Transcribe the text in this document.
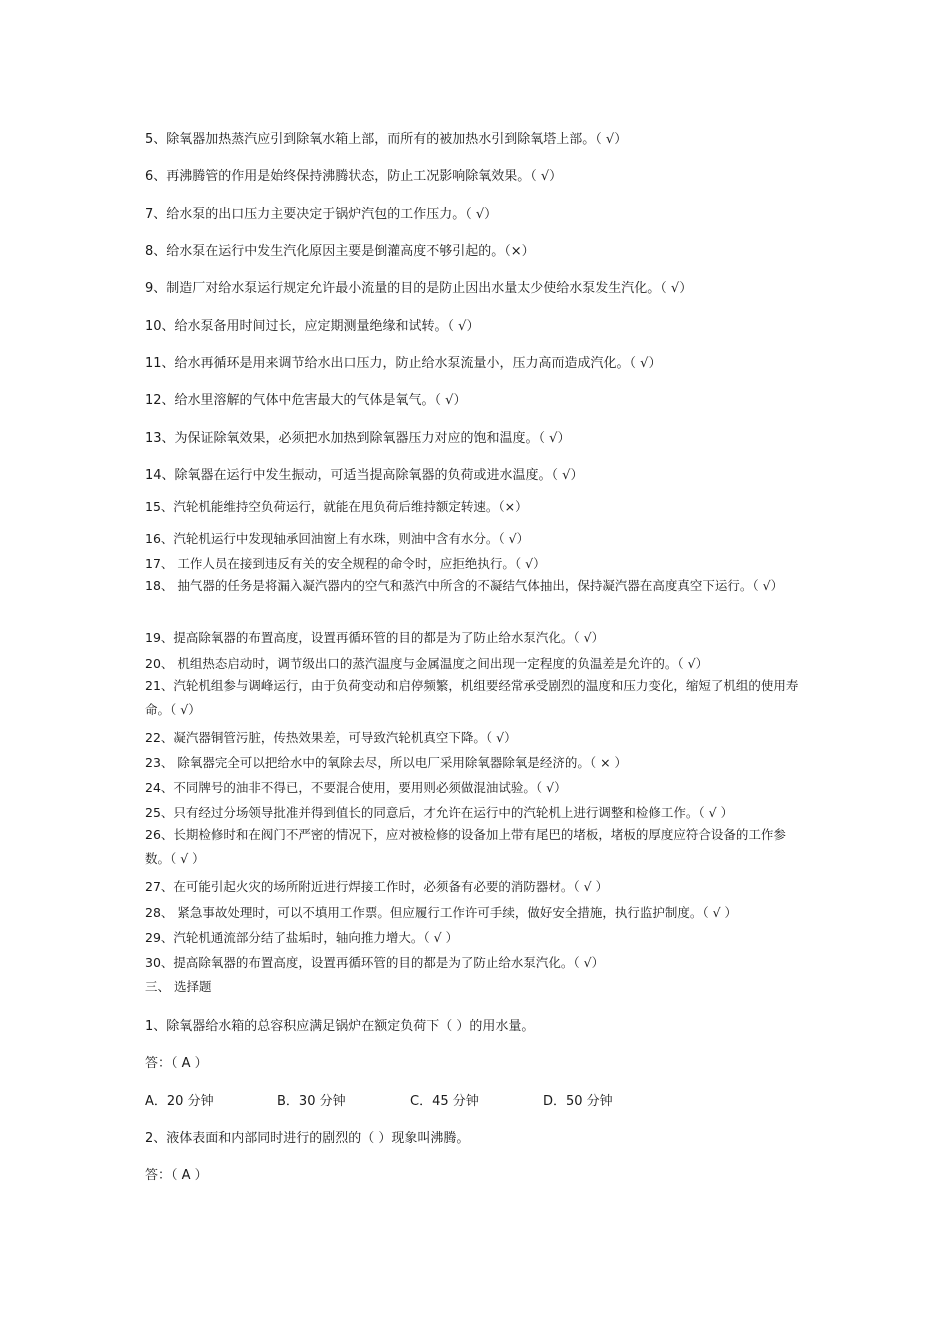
5、除氧器加热蒸汽应引到除氧水箱上部，而所有的被加热水引到除氧塔上部。（ √）
6、再沸腾管的作用是始终保持沸腾状态，防止工况影响除氧效果。（ √）
7、给水泵的出口压力主要决定于锅炉汽包的工作压力。（ √）
8、给水泵在运行中发生汽化原因主要是倒灌高度不够引起的。（×）
9、制造厂对给水泵运行规定允许最小流量的目的是防止因出水量太少使给水泵发生汽化。（ √）
10、给水泵备用时间过长，应定期测量绝缘和试转。（ √）
11、给水再循环是用来调节给水出口压力，防止给水泵流量小，压力高而造成汽化。（ √）
12、给水里溶解的气体中危害最大的气体是氧气。（ √）
13、为保证除氧效果，必须把水加热到除氧器压力对应的饱和温度。（ √）
14、除氧器在运行中发生振动，可适当提高除氧器的负荷或进水温度。（ √）
15、汽轮机能维持空负荷运行，就能在甩负荷后维持额定转速。（×）
16、汽轮机运行中发现轴承回油窗上有水珠，则油中含有水分。（ √）
17、 工作人员在接到违反有关的安全规程的命令时，应拒绝执行。（ √）
18、 抽气器的任务是将漏入凝汽器内的空气和蒸汽中所含的不凝结气体抽出，保持凝汽器在高度真空下运行。（ √）
19、提高除氧器的布置高度，设置再循环管的目的都是为了防止给水泵汽化。（ √）
20、 机组热态启动时，调节级出口的蒸汽温度与金属温度之间出现一定程度的负温差是允许的。（ √）
21、汽轮机组参与调峰运行，由于负荷变动和启停频繁，机组要经常承受剧烈的温度和压力变化，缩短了机组的使用寿命。（ √）
22、凝汽器铜管污脏，传热效果差，可导致汽轮机真空下降。（ √）
23、 除氧器完全可以把给水中的氧除去尽，所以电厂采用除氧器除氧是经济的。（ × ）
24、不同牌号的油非不得已，不要混合使用，要用则必须做混油试验。（ √）
25、只有经过分场领导批准并得到值长的同意后，才允许在运行中的汽轮机上进行调整和检修工作。（ √ ）
26、长期检修时和在阀门不严密的情况下，应对被检修的设备加上带有尾巴的堵板，堵板的厚度应符合设备的工作参数。（ √ ）
27、在可能引起火灾的场所附近进行焊接工作时，必须备有必要的消防器材。（ √ ）
28、 紧急事故处理时，可以不填用工作票。但应履行工作许可手续，做好安全措施，执行监护制度。（ √ ）
29、汽轮机通流部分结了盐垢时，轴向推力增大。（ √ ）
30、提高除氧器的布置高度，设置再循环管的目的都是为了防止给水泵汽化。（ √）
三、 选择题
1、除氧器给水箱的总容积应满足锅炉在额定负荷下（ ）的用水量。
答：（ A ）
A．20 分钟	B．30 分钟	C．45 分钟	D．50 分钟
2、液体表面和内部同时进行的剧烈的（ ）现象叫沸腾。
答：（ A ）
